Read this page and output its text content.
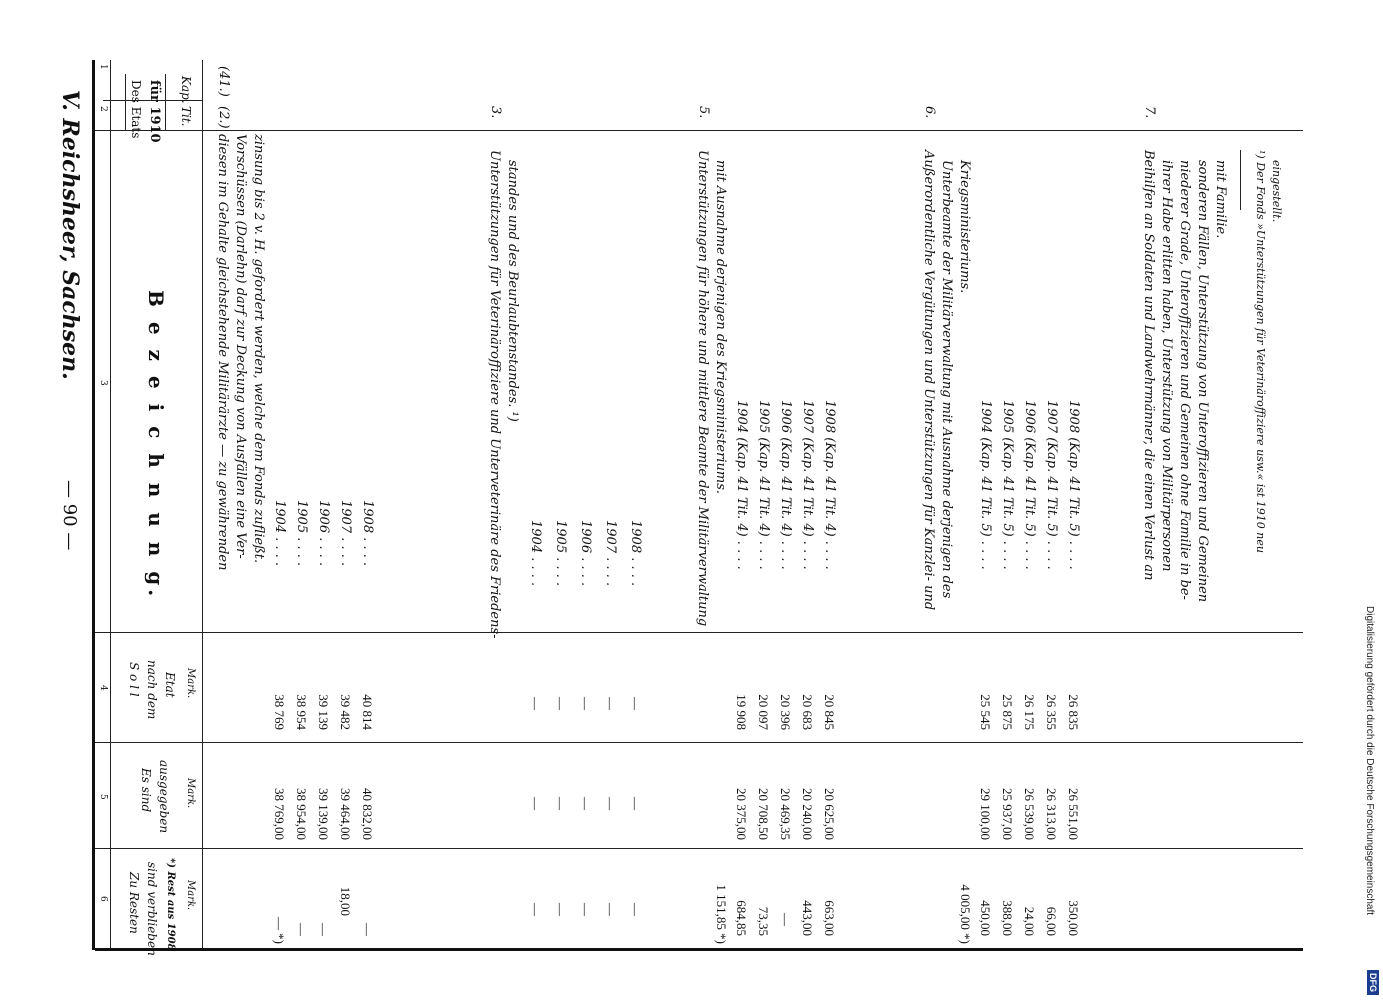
V. Reichsheer, Sachsen.
— 90 —
1
2
3
4
5
6
Des Etats für 1910 Kap.
Tit.
B e z e i c h n u n g.
S o l l nach dem Etat Mark.
Es sind ausgegeben	Mark.
Zu Resten sind verblieben *) Rest aus 1908 Mark.
(41.)
(2.)
diesen im Gehalte gleichstehende Militärärzte — zu gewährenden Vorschüssen (Darlehn) darf zur Deckung von Ausfällen eine Ver- zinsung bis 2 v. H. gefordert werden, welche dem Fonds zufließt. 1904 . . . .
38 769
38 769,00
— *)
1905 . . . .
38 954
38 954,00
—
1906 . . . .
39 139
39 139,00
—
1907 . . . .
39 482
39 464,00
18,00
1908 . . . .
40 814
40 832,00
—
3.
Unterstützungen für Veterinäroffiziere und Unterveterinäre des Friedens- standes und des Beurlaubtenstandes. ¹)
1904 . . . .
—
—
—
1905 . . . .
—
—
—
1906 . . . .
—
—
—
1907 . . . .
—
—
—
1908 . . . .
—
—
—
5.
Unterstützungen für höhere und mittlere Beamte der Militärverwaltung mit Ausnahme derjenigen des Kriegsministeriums.
1 151,85 *)
1904 (Kap. 41 Tit. 4) . . . .
19 908
20 375,00
684,85
1905 (Kap. 41 Tit. 4) . . . .
20 097
20 708,50
73,35
1906 (Kap. 41 Tit. 4) . . . .
20 396
20 469,35
—
1907 (Kap. 41 Tit. 4) . . . .
20 683
20 240,00
443,00
1908 (Kap. 41 Tit. 4) . . . .
20 845
20 625,00
663,00
6.
Außerordentliche Vergütungen und Unterstützungen für Kanzlei- und Unterbeamte der Militärverwaltung mit Ausnahme derjenigen des Kriegsministeriums.
4 005,00 *)
1904 (Kap. 41 Tit. 5) . . . .
25 545
29 100,00
450,00
1905 (Kap. 41 Tit. 5) . . . .
25 875
25 937,00
388,00
1906 (Kap. 41 Tit. 5) . . . .
26 175
26 539,00
24,00
1907 (Kap. 41 Tit. 5) . . . .
26 355
26 313,00
66,00
1908 (Kap. 41 Tit. 5) . . . .
26 835
26 551,00
350,00
7.
Beihilfen an Soldaten und Landwehrmänner, die einen Verlust an ihrer Habe erlitten haben, Unterstützung von Militärpersonen niederer Grade, Unteroffizieren und Gemeinen ohne Familie in be- sonderen Fällen, Unterstützung von Unteroffizieren und Gemeinen mit Familie. ¹) Der Fonds »Unterstützungen für Veterinäroffiziere usw.« ist 1910 neu eingestellt.
Digitalisierung gefördert durch die Deutsche Forschungsgemeinschaft
DFG
